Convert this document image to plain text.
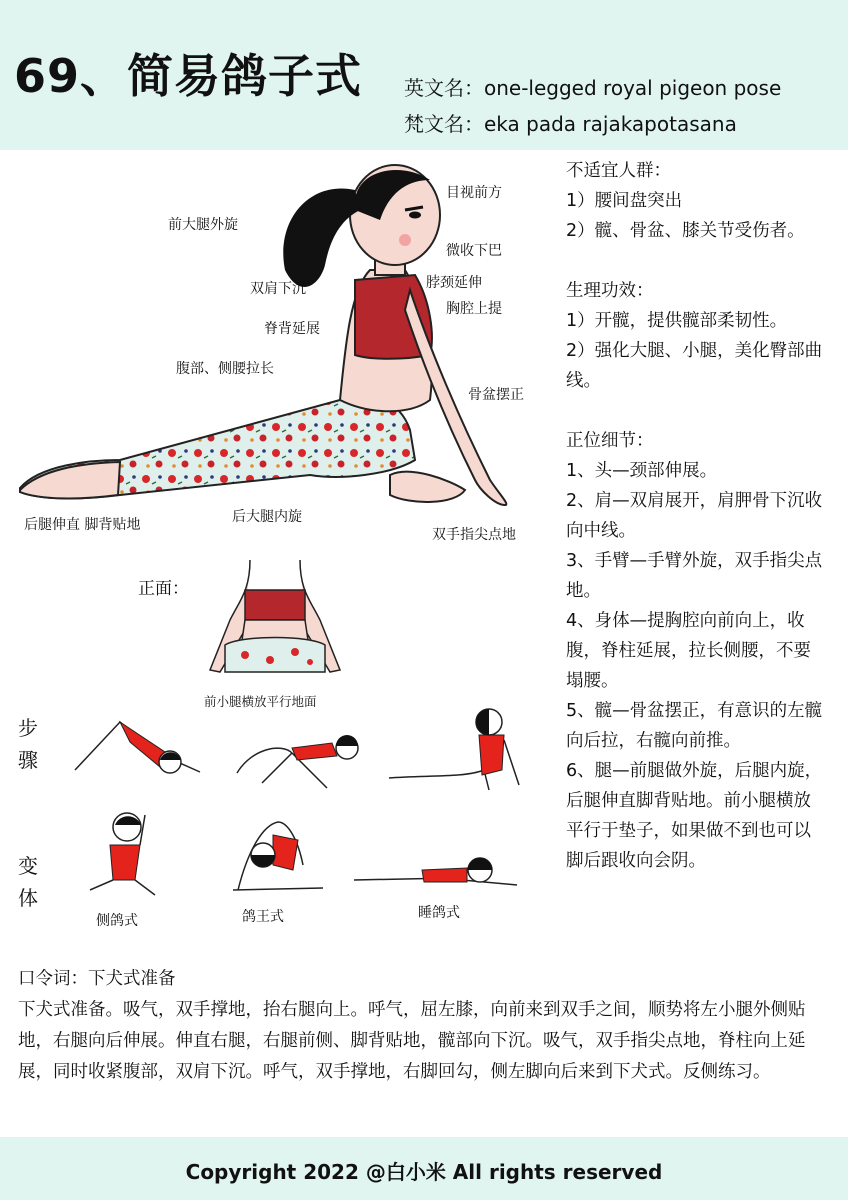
69、简易鸽子式 英文名：one-legged royal pigeon pose
梵文名：eka pada rajakapotasana
目视前方
前大腿外旋
微收下巴
双肩下沉	脖颈延伸
胸腔上提
脊背延展
腹部、侧腰拉长
骨盆摆正
后腿伸直 脚背贴地	后大腿内旋
双手指尖点地
正面：
前小腿横放平行地面
步
骤
变
体
侧鸽式	鸽王式	睡鸽式

不适宜人群：

1）腰间盘突出

2）髋、骨盆、膝关节受伤者。

生理功效：

1）开髋，提供髋部柔韧性。

2）强化大腿、小腿，美化臀部曲线。

正位细节：

1、头—颈部伸展。

2、肩—双肩展开，肩胛骨下沉收向中线。

3、手臂—手臂外旋，双手指尖点地。

4、身体—提胸腔向前向上，收腹，脊柱延展，拉长侧腰，不要塌腰。

5、髋—骨盆摆正，有意识的左髋向后拉，右髋向前推。

6、腿—前腿做外旋，后腿内旋，后腿伸直脚背贴地。前小腿横放平行于垫子，如果做不到也可以脚后跟收向会阴。

口令词：下犬式准备

下犬式准备。吸气，双手撑地，抬右腿向上。呼气，屈左膝，向前来到双手之间，顺势将左小腿外侧贴地，右腿向后伸展。伸直右腿，右腿前侧、脚背贴地，髋部向下沉。吸气，双手指尖点地，脊柱向上延展，同时收紧腹部，双肩下沉。呼气，双手撑地，右脚回勾，侧左脚向后来到下犬式。反侧练习。

Copyright 2022 @白小米 All rights reserved
